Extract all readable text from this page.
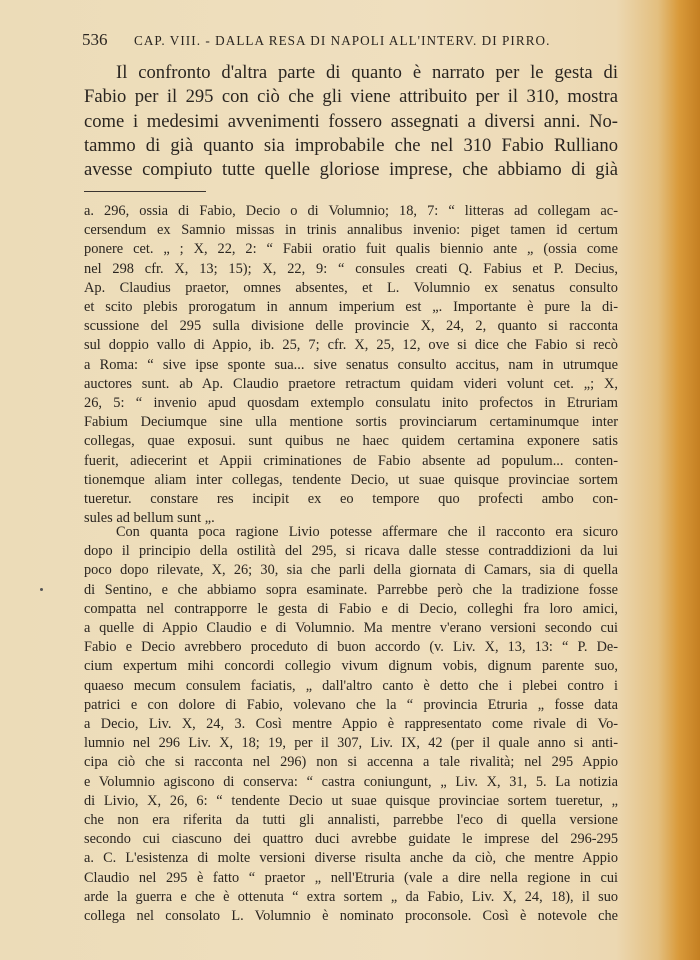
536 CAP. VIII. - DALLA RESA DI NAPOLI ALL'INTERV. DI PIRRO.
Il confronto d'altra parte di quanto è narrato per le gesta di
Fabio per il 295 con ciò che gli viene attribuito per il 310, mostra
come i medesimi avvenimenti fossero assegnati a diversi anni. No-
tammo di già quanto sia improbabile che nel 310 Fabio Rulliano
avesse compiuto tutte quelle gloriose imprese, che abbiamo di già
a. 296, ossia di Fabio, Decio o di Volumnio; 18, 7: “ litteras ad collegam ac-
cersendum ex Samnio missas in trinis annalibus invenio: piget tamen id certum
ponere cet. „ ; X, 22, 2: “ Fabii oratio fuit qualis biennio ante „ (ossia come
nel 298 cfr. X, 13; 15); X, 22, 9: “ consules creati Q. Fabius et P. Decius,
Ap. Claudius praetor, omnes absentes, et L. Volumnio ex senatus consulto
et scito plebis prorogatum in annum imperium est „. Importante è pure la di-
scussione del 295 sulla divisione delle provincie X, 24, 2, quanto si racconta
sul doppio vallo di Appio, ib. 25, 7; cfr. X, 25, 12, ove si dice che Fabio si recò
a Roma: “ sive ipse sponte sua... sive senatus consulto accitus, nam in utrumque
auctores sunt. ab Ap. Claudio praetore retractum quidam videri volunt cet. „; X,
26, 5: “ invenio apud quosdam extemplo consulatu inito profectos in Etruriam
Fabium Deciumque sine ulla mentione sortis provinciarum certaminumque inter
collegas, quae exposui. sunt quibus ne haec quidem certamina exponere satis
fuerit, adiecerint et Appii criminationes de Fabio absente ad populum... conten-
tionemque aliam inter collegas, tendente Decio, ut suae quisque provinciae sortem
tueretur. constare res incipit ex eo tempore quo profecti ambo con-
sules ad bellum sunt „.
Con quanta poca ragione Livio potesse affermare che il racconto era sicuro
dopo il principio della ostilità del 295, si ricava dalle stesse contraddizioni da lui
poco dopo rilevate, X, 26; 30, sia che parli della giornata di Camars, sia di quella
di Sentino, e che abbiamo sopra esaminate. Parrebbe però che la tradizione fosse
compatta nel contrapporre le gesta di Fabio e di Decio, colleghi fra loro amici,
a quelle di Appio Claudio e di Volumnio. Ma mentre v'erano versioni secondo cui
Fabio e Decio avrebbero proceduto di buon accordo (v. Liv. X, 13, 13: “ P. De-
cium expertum mihi concordi collegio vivum dignum vobis, dignum parente suo,
quaeso mecum consulem faciatis, „ dall'altro canto è detto che i plebei contro i
patrici e con dolore di Fabio, volevano che la “ provincia Etruria „ fosse data
a Decio, Liv. X, 24, 3. Così mentre Appio è rappresentato come rivale di Vo-
lumnio nel 296 Liv. X, 18; 19, per il 307, Liv. IX, 42 (per il quale anno si anti-
cipa ciò che si racconta nel 296) non si accenna a tale rivalità; nel 295 Appio
e Volumnio agiscono di conserva: “ castra coniungunt, „ Liv. X, 31, 5. La notizia
di Livio, X, 26, 6: “ tendente Decio ut suae quisque provinciae sortem tueretur, „
che non era riferita da tutti gli annalisti, parrebbe l'eco di quella versione
secondo cui ciascuno dei quattro duci avrebbe guidate le imprese del 296-295
a. C. L'esistenza di molte versioni diverse risulta anche da ciò, che mentre Appio
Claudio nel 295 è fatto “ praetor „ nell'Etruria (vale a dire nella regione in cui
arde la guerra e che è ottenuta “ extra sortem „ da Fabio, Liv. X, 24, 18), il suo
collega nel consolato L. Volumnio è nominato proconsole. Così è notevole che
